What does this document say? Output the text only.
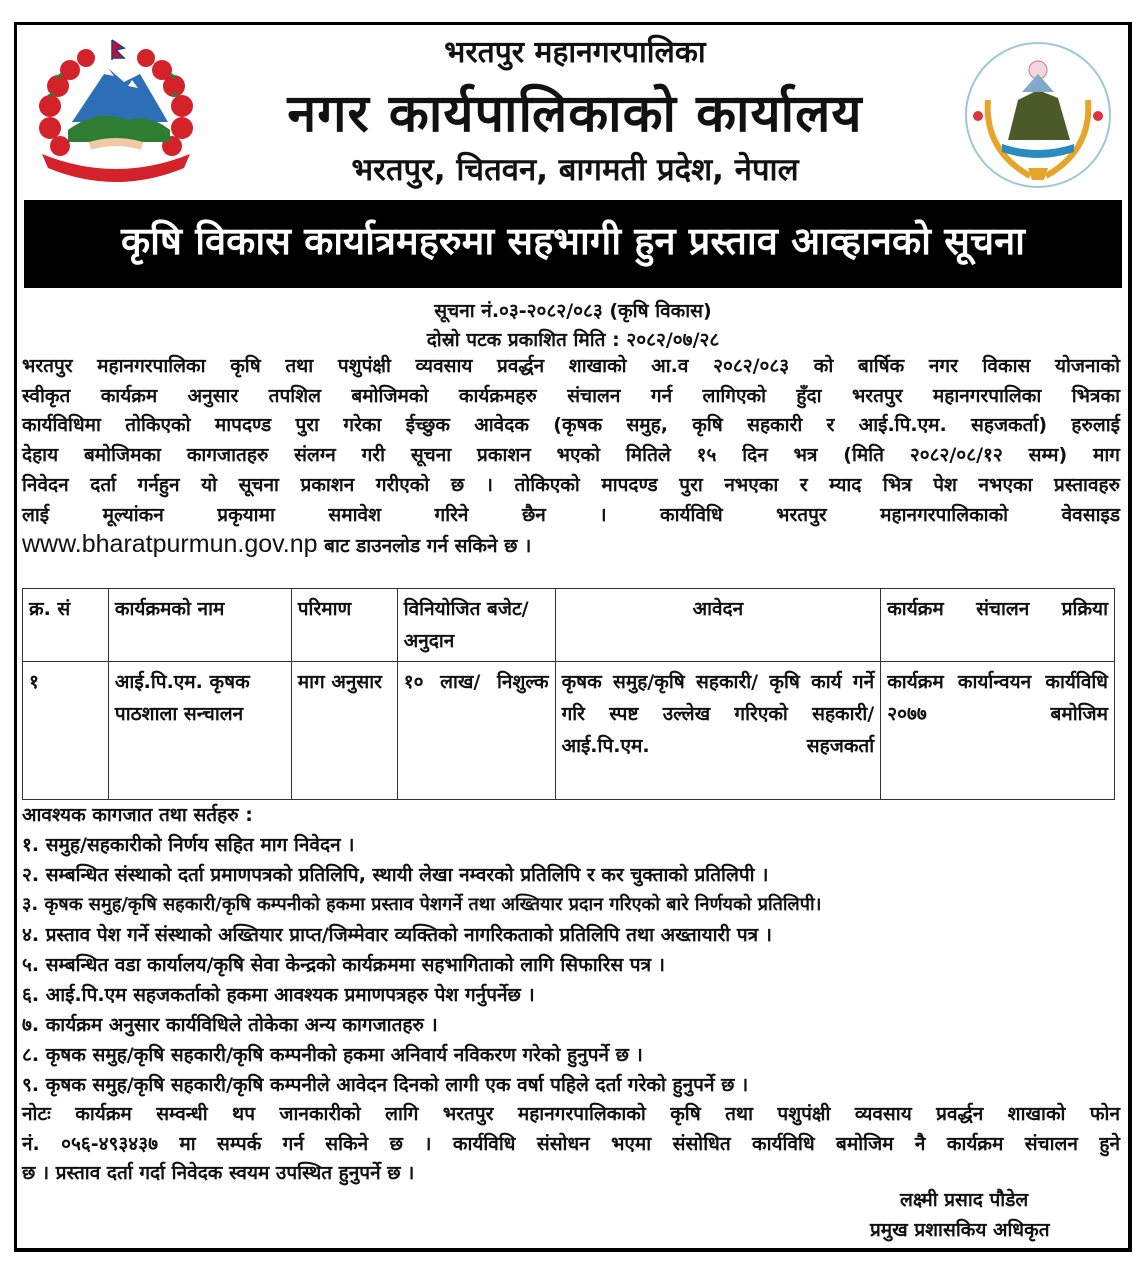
भरतपुर महानगरपालिका
नगर कार्यपालिकाको कार्यालय
भरतपुर, चितवन, बागमती प्रदेश, नेपाल
कृषि विकास कार्यात्रमहरुमा सहभागी हुन प्रस्ताव आव्हानको सूचना
सूचना नं.०३-२०८२/०८३ (कृषि विकास)
दोस्रो पटक प्रकाशित मिति : २०८२/०७/२८
भरतपुर महानगरपालिका कृषि तथा पशुपंक्षी व्यवसाय प्रवर्द्धन शाखाको आ.व २०८२/०८३ को बार्षिक नगर विकास योजनाको
स्वीकृत कार्यक्रम अनुसार तपशिल बमोजिमको कार्यक्रमहरु संचालन गर्न लागिएको हुँदा भरतपुर महानगरपालिका भित्रका
कार्यविधिमा तोकिएको मापदण्ड पुरा गरेका ईच्छुक आवेदक (कृषक समुह, कृषि सहकारी र आई.पि.एम. सहजकर्ता) हरुलाई
देहाय बमोजिमका कागजातहरु संलग्न गरी सूचना प्रकाशन भएको मितिले १५ दिन भत्र (मिति २०८२/०८/१२ सम्म) माग
निवेदन दर्ता गर्नहुन यो सूचना प्रकाशन गरीएको छ । तोकिएको मापदण्ड पुरा नभएका र म्याद भित्र पेश नभएका प्रस्तावहरु
लाई मूल्यांकन प्रकृयामा समावेश गरिने छैन । कार्यविधि भरतपुर महानगरपालिकाको वेवसाइड
www.bharatpurmun.gov.np बाट डाउनलोड गर्न सकिने छ ।
क्र. सं	कार्यक्रमको नाम	परिमाण	विनियोजित बजेट/अनुदान	आवेदन	कार्यक्रम संचालन प्रक्रिया
१	आई.पि.एम. कृषक पाठशाला सन्चालन	माग अनुसार	१० लाख/ निशुल्क	कृषक समुह/कृषि सहकारी/ कृषि कार्य गर्ने गरि स्पष्ट उल्लेख गरिएको सहकारी/ आई.पि.एम. सहजकर्ता	कार्यक्रम कार्यान्वयन कार्यविधि २०७७ बमोजिम
आवश्यक कागजात तथा सर्तहरु :
१. समुह/सहकारीको निर्णय सहित माग निवेदन ।
२. सम्बन्धित संस्थाको दर्ता प्रमाणपत्रको प्रतिलिपि, स्थायी लेखा नम्वरको प्रतिलिपि र कर चुक्ताको प्रतिलिपी ।
३. कृषक समुह/कृषि सहकारी/कृषि कम्पनीको हकमा प्रस्ताव पेशगर्ने तथा अख्तियार प्रदान गरिएको बारे निर्णयको प्रतिलिपी।
४. प्रस्ताव पेश गर्ने संस्थाको अख्तियार प्राप्त/जिम्मेवार व्यक्तिको नागरिकताको प्रतिलिपि तथा अख्तायारी पत्र ।
५. सम्बन्धित वडा कार्यालय/कृषि सेवा केन्द्रको कार्यक्रममा सहभागिताको लागि सिफारिस पत्र ।
६. आई.पि.एम सहजकर्ताको हकमा आवश्यक प्रमाणपत्रहरु पेश गर्नुपर्नेछ ।
७. कार्यक्रम अनुसार कार्यविधिले तोकेका अन्य कागजातहरु ।
८. कृषक समुह/कृषि सहकारी/कृषि कम्पनीको हकमा अनिवार्य नविकरण गरेको हुनुपर्ने छ ।
९. कृषक समुह/कृषि सहकारी/कृषि कम्पनीले आवेदन दिनको लागी एक वर्षा पहिले दर्ता गरेको हुनुपर्ने छ ।
नोटः कार्यक्रम सम्वन्धी थप जानकारीको लागि भरतपुर महानगरपालिकाको कृषि तथा पशुपंक्षी व्यवसाय प्रवर्द्धन शाखाको फोन
नं. ०५६-४९३४३७ मा सम्पर्क गर्न सकिने छ । कार्यविधि संसोधन भएमा संसोधित कार्यविधि बमोजिम नै कार्यक्रम संचालन हुने
छ । प्रस्ताव दर्ता गर्दा निवेदक स्वयम उपस्थित हुनुपर्ने छ ।
लक्ष्मी प्रसाद पौडेल
प्रमुख प्रशासकिय अधिकृत
